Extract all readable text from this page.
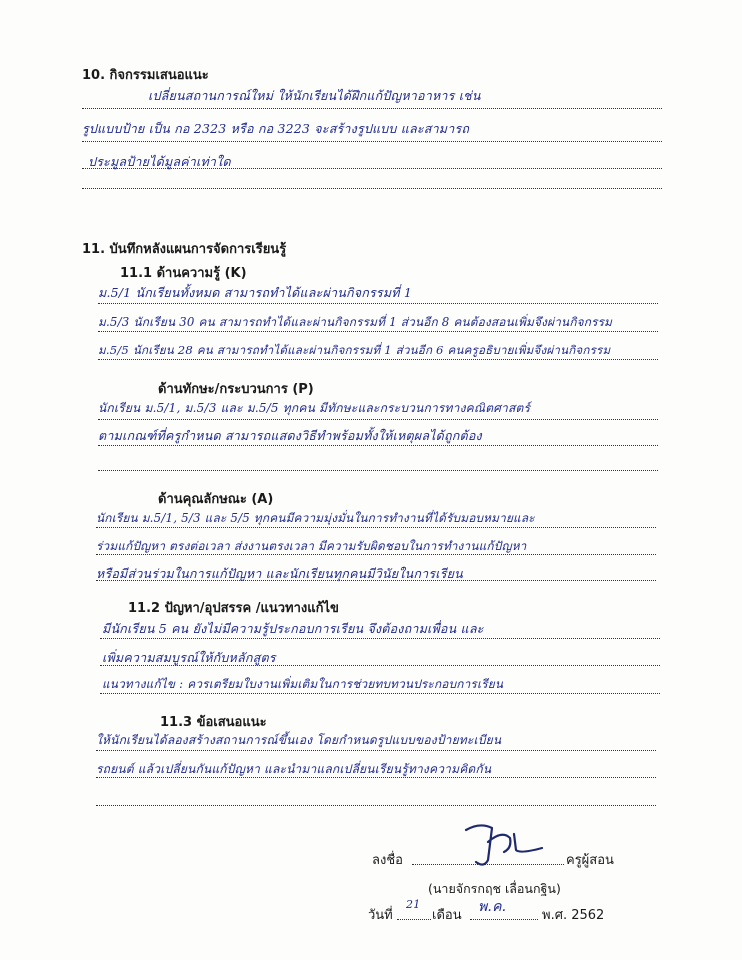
10. กิจกรรมเสนอแนะ
เปลี่ยนสถานการณ์ใหม่ ให้นักเรียนได้ฝึกแก้ปัญหาอาหาร เช่น
รูปแบบป้าย เป็น กอ 2323 หรือ กอ 3223 จะสร้างรูปแบบ และสามารถ
ประมูลป้ายได้มูลค่าเท่าใด
11. บันทึกหลังแผนการจัดการเรียนรู้
11.1 ด้านความรู้ (K)
ม.5/1 นักเรียนทั้งหมด สามารถทำได้และผ่านกิจกรรมที่ 1
ม.5/3 นักเรียน 30 คน สามารถทำได้และผ่านกิจกรรมที่ 1 ส่วนอีก 8 คนต้องสอนเพิ่มจึงผ่านกิจกรรม
ม.5/5 นักเรียน 28 คน สามารถทำได้และผ่านกิจกรรมที่ 1 ส่วนอีก 6 คนครูอธิบายเพิ่มจึงผ่านกิจกรรม
ด้านทักษะ/กระบวนการ (P)
นักเรียน ม.5/1, ม.5/3 และ ม.5/5 ทุกคน มีทักษะและกระบวนการทางคณิตศาสตร์
ตามเกณฑ์ที่ครูกำหนด สามารถแสดงวิธีทำพร้อมทั้งให้เหตุผลได้ถูกต้อง
ด้านคุณลักษณะ (A)
นักเรียน ม.5/1, 5/3 และ 5/5 ทุกคนมีความมุ่งมั่นในการทำงานที่ได้รับมอบหมายและ
ร่วมแก้ปัญหา ตรงต่อเวลา ส่งงานตรงเวลา มีความรับผิดชอบในการทำงานแก้ปัญหา
หรือมีส่วนร่วมในการแก้ปัญหา และนักเรียนทุกคนมีวินัยในการเรียน
11.2 ปัญหา/อุปสรรค /แนวทางแก้ไข
มีนักเรียน 5 คน ยังไม่มีความรู้ประกอบการเรียน จึงต้องถามเพื่อน และ
เพิ่มความสมบูรณ์ให้กับหลักสูตร
แนวทางแก้ไข : ควรเตรียมใบงานเพิ่มเติมในการช่วยทบทวนประกอบการเรียน
11.3 ข้อเสนอแนะ
ให้นักเรียนได้ลองสร้างสถานการณ์ขึ้นเอง โดยกำหนดรูปแบบของป้ายทะเบียน
รถยนต์ แล้วเปลี่ยนกันแก้ปัญหา และนำมาแลกเปลี่ยนเรียนรู้ทางความคิดกัน
ลงชื่อ	ครูผู้สอน
(นายจักรกฤช เลื่อนกฐิน)
วันที่
21
เดือน
พ.ค.
พ.ศ. 2562
